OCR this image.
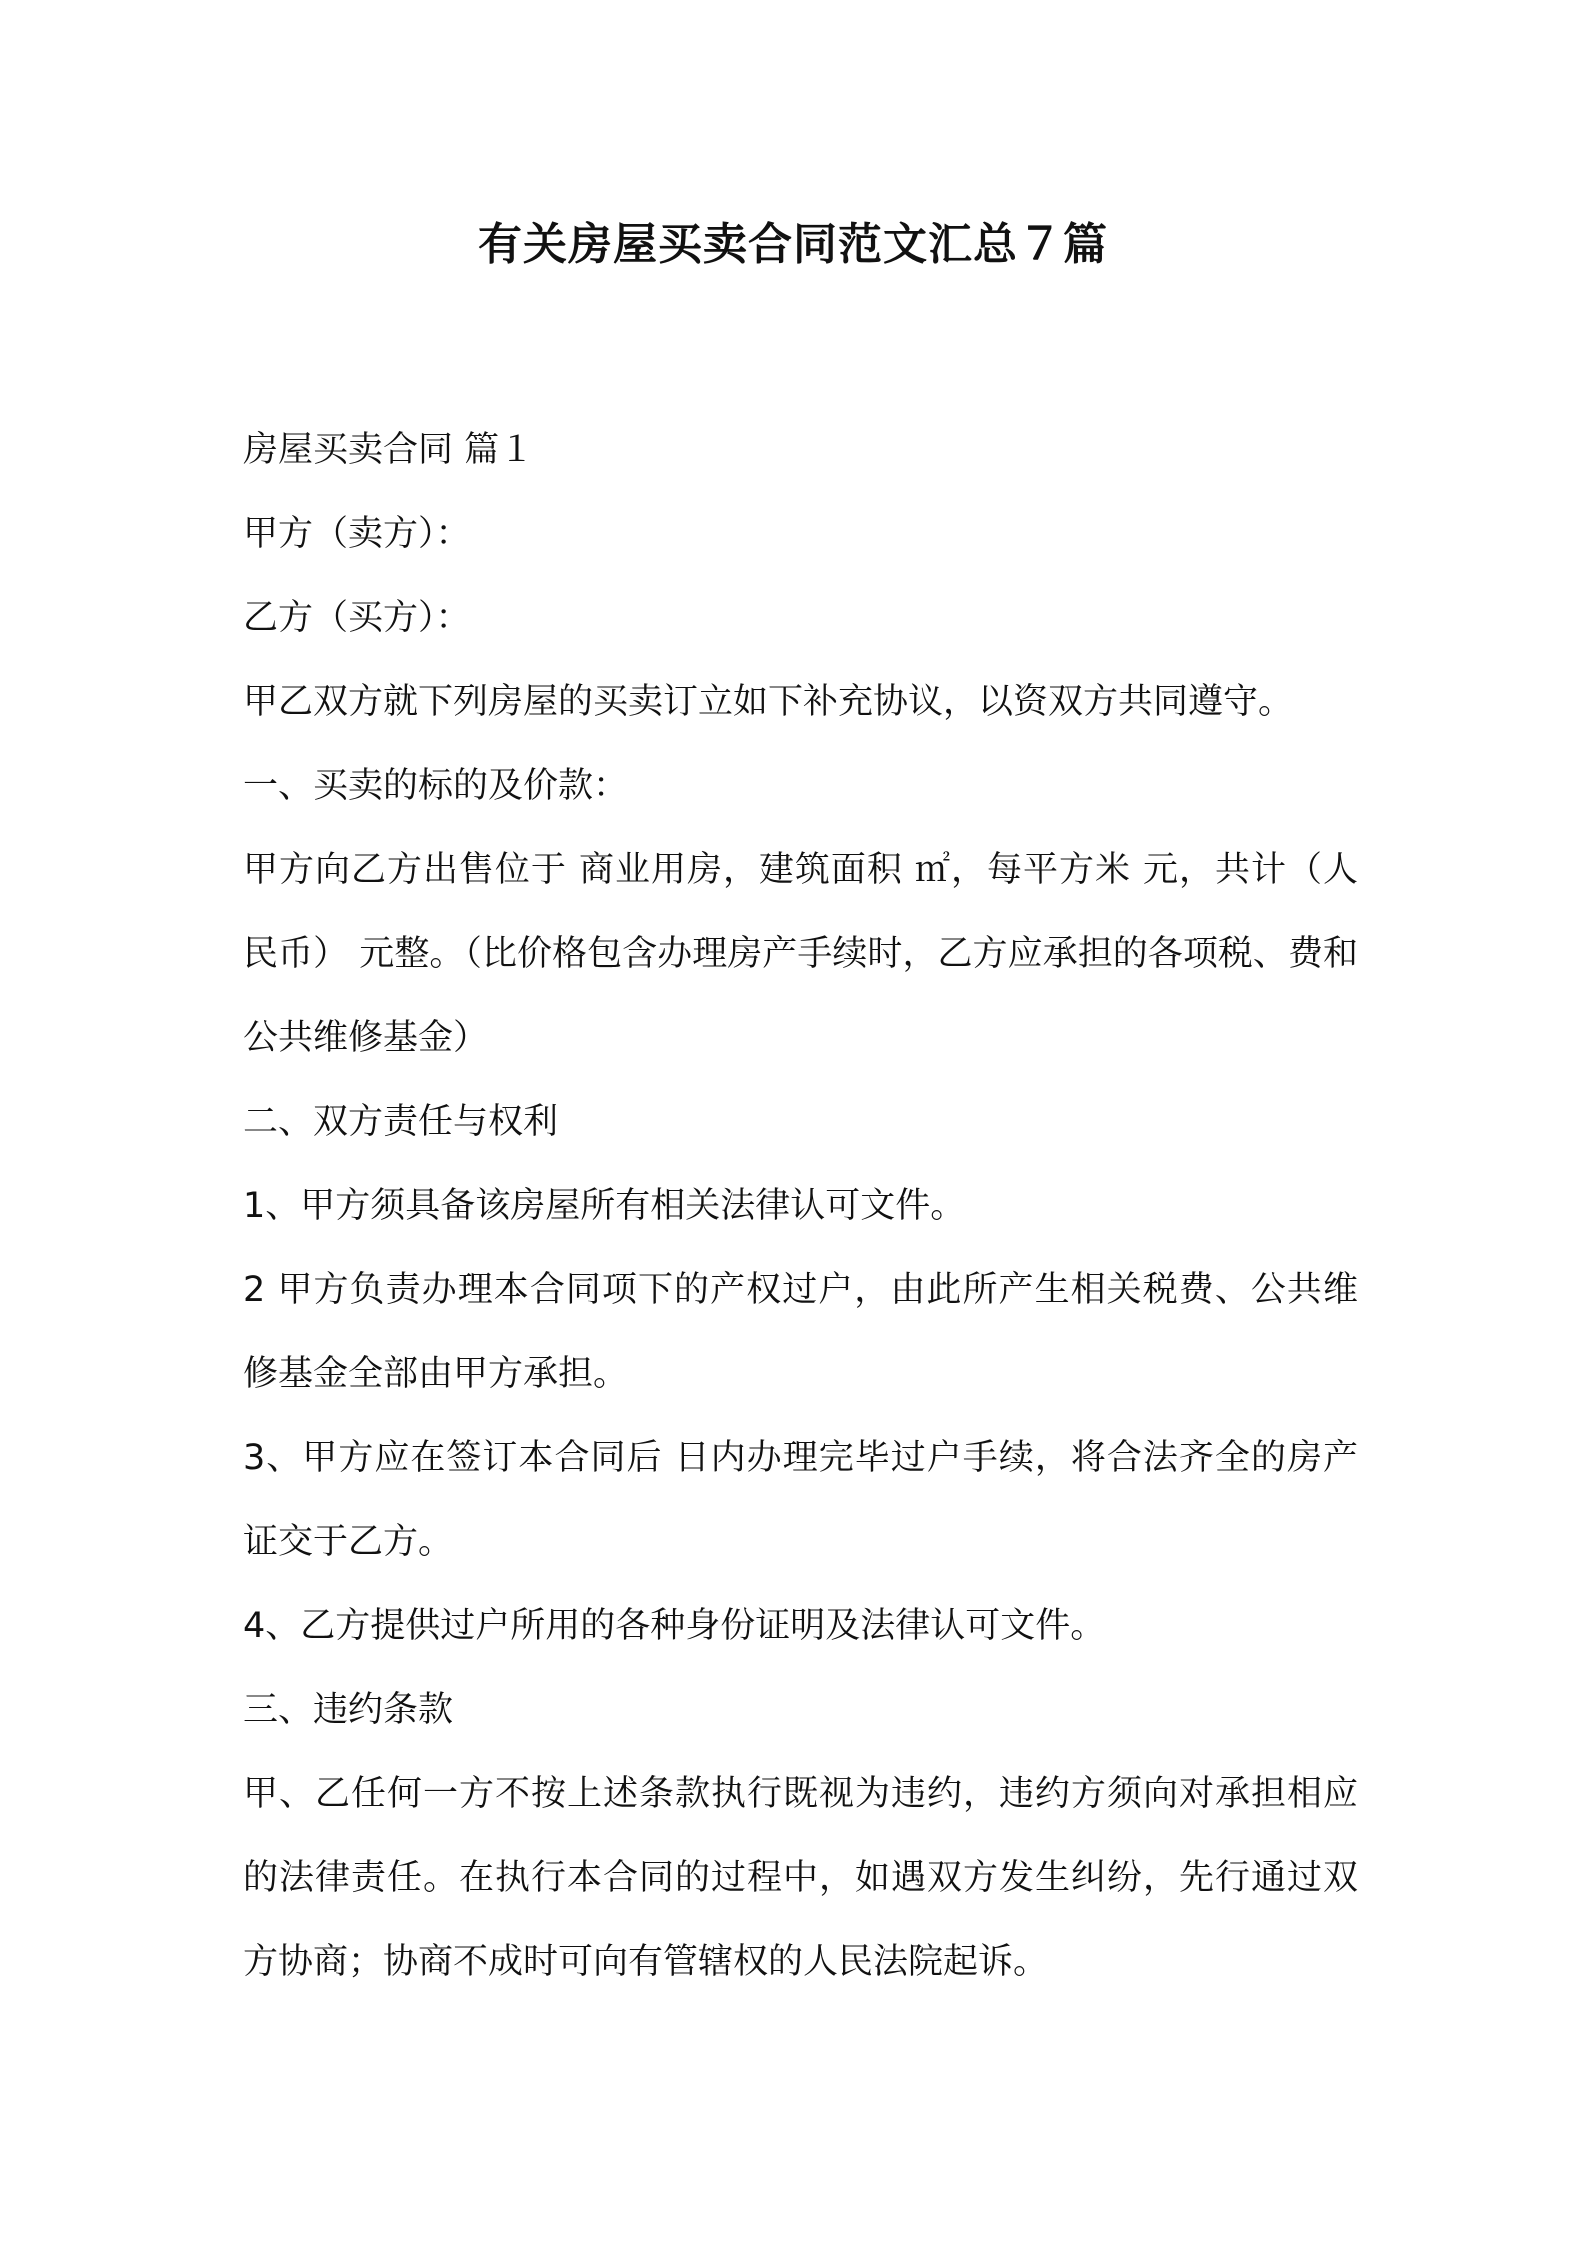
有关房屋买卖合同范文汇总７篇

房屋买卖合同 篇１

甲方（卖方）：

乙方（买方）：

甲乙双方就下列房屋的买卖订立如下补充协议，以资双方共同遵守。

一、买卖的标的及价款：

甲方向乙方出售位于 商业用房，建筑面积 ㎡，每平方米 元，共计（人民币） 元整。（比价格包含办理房产手续时，乙方应承担的各项税、费和公共维修基金）

二、双方责任与权利

1、甲方须具备该房屋所有相关法律认可文件。

2 甲方负责办理本合同项下的产权过户，由此所产生相关税费、公共维修基金全部由甲方承担。

3、甲方应在签订本合同后 日内办理完毕过户手续，将合法齐全的房产证交于乙方。

4、乙方提供过户所用的各种身份证明及法律认可文件。

三、违约条款

甲、乙任何一方不按上述条款执行既视为违约，违约方须向对承担相应的法律责任。在执行本合同的过程中，如遇双方发生纠纷，先行通过双方协商；协商不成时可向有管辖权的人民法院起诉。
